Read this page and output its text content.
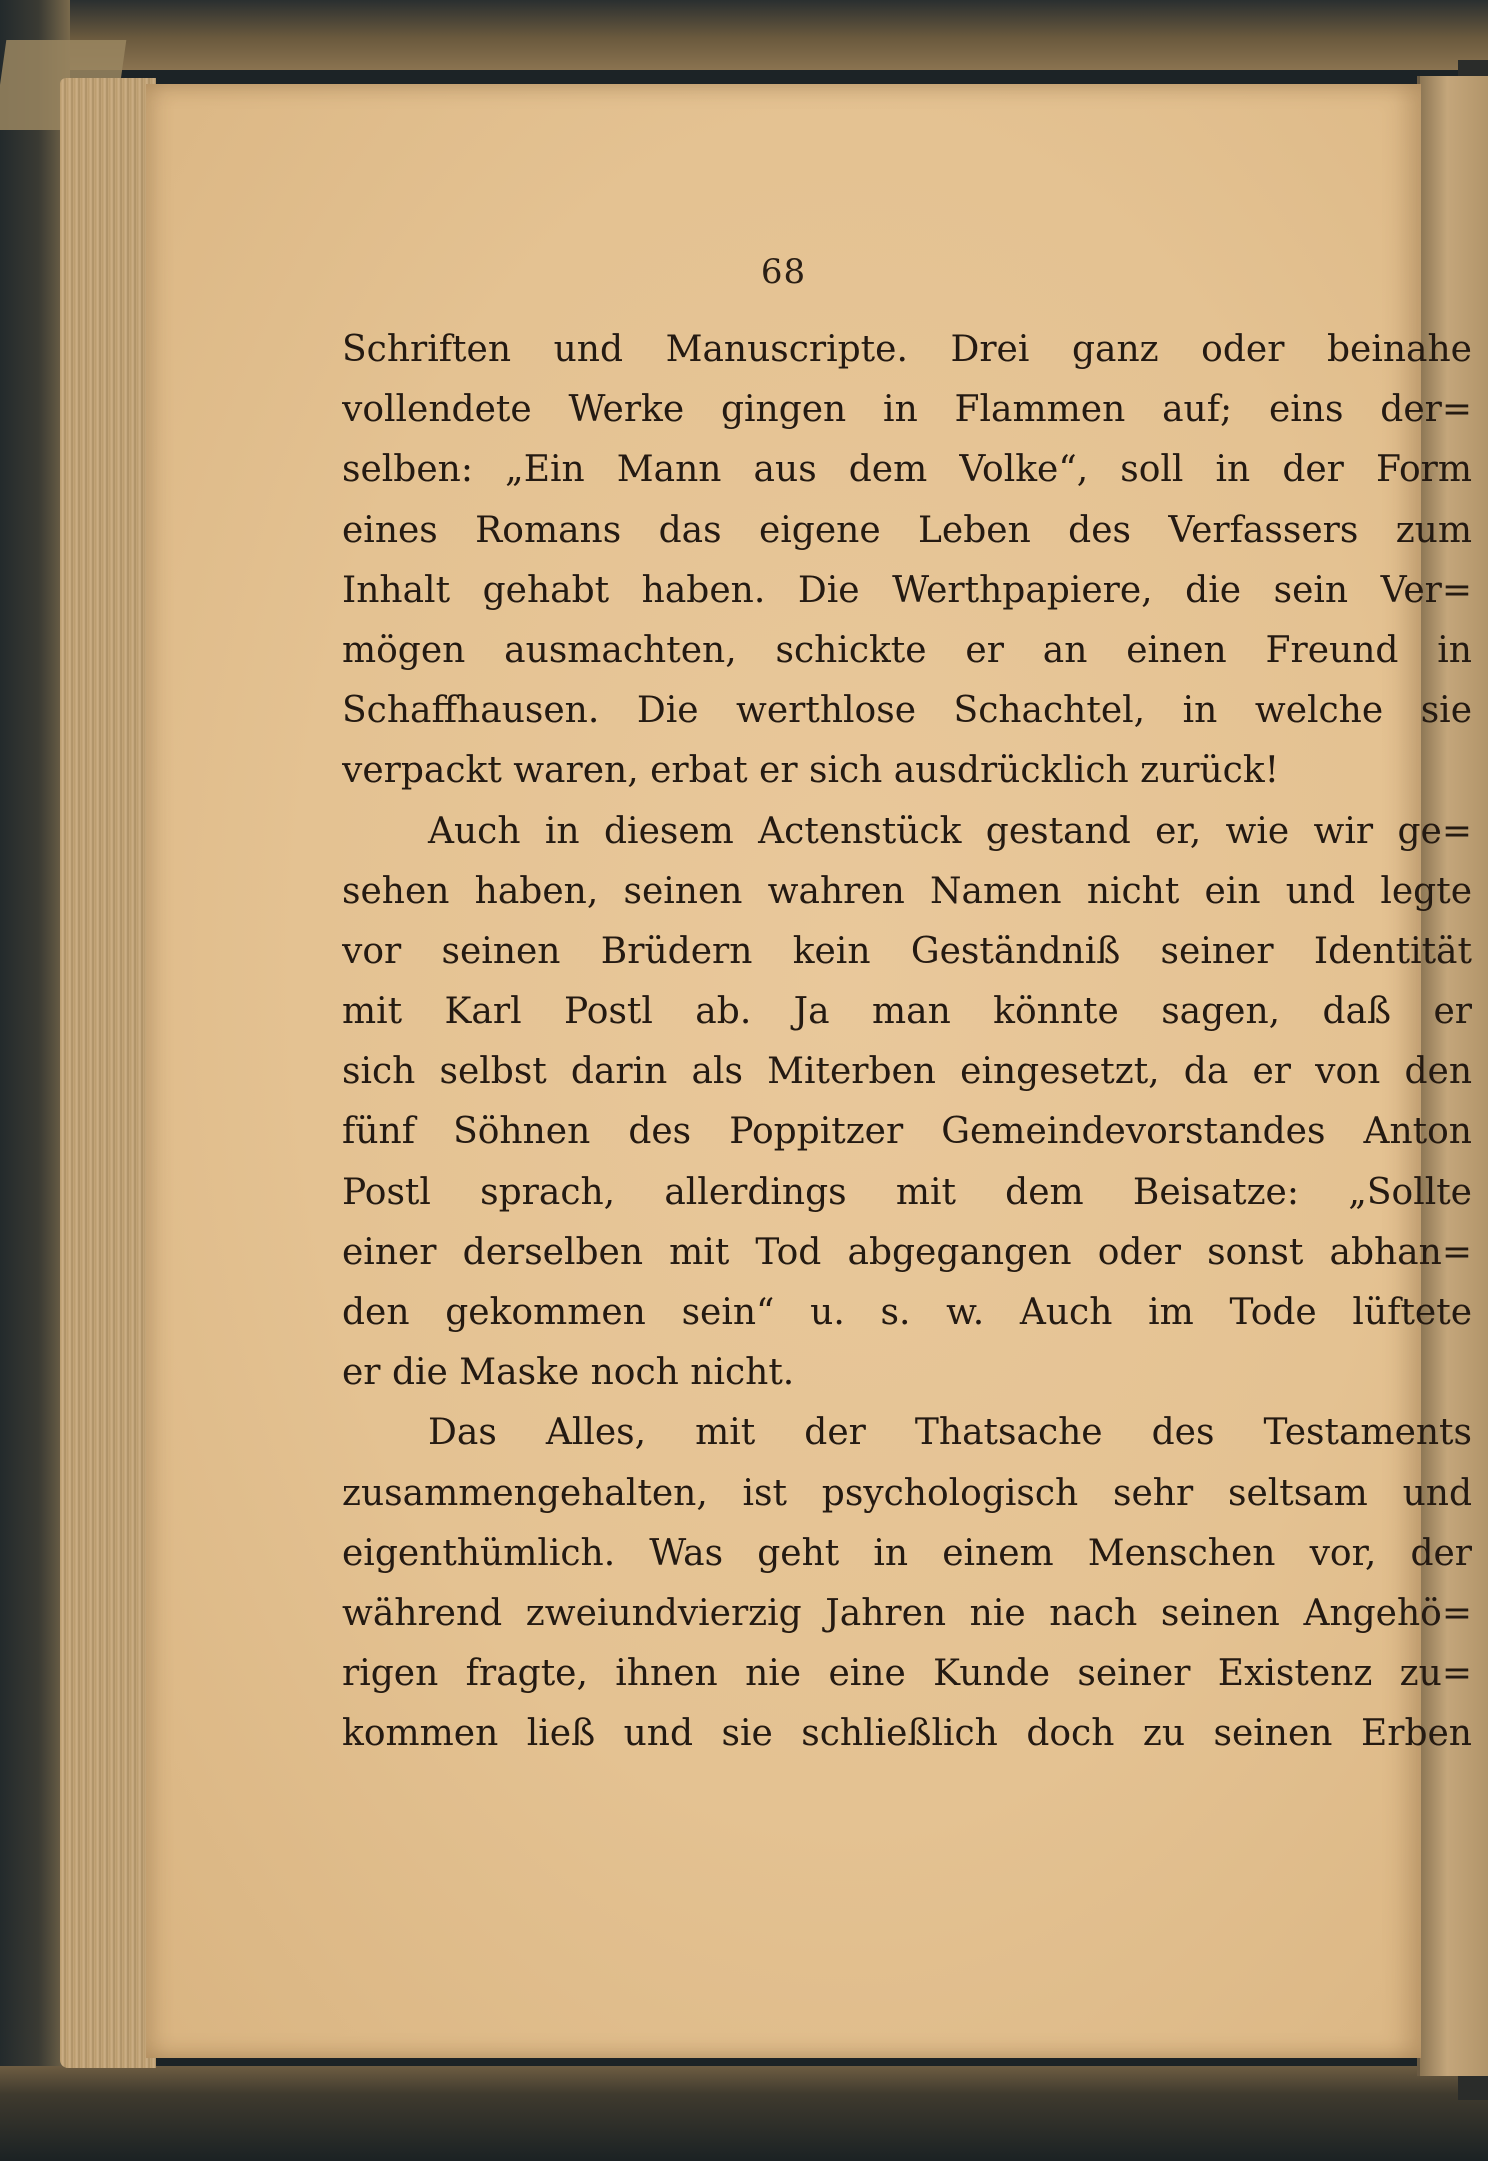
68
Schriften und Manuscripte. Drei ganz oder beinahe
vollendete Werke gingen in Flammen auf; eins der=
selben: „Ein Mann aus dem Volke“, soll in der Form
eines Romans das eigene Leben des Verfassers zum
Inhalt gehabt haben. Die Werthpapiere, die sein Ver=
mögen ausmachten, schickte er an einen Freund in
Schaffhausen. Die werthlose Schachtel, in welche sie
verpackt waren, erbat er sich ausdrücklich zurück!
Auch in diesem Actenstück gestand er, wie wir ge=
sehen haben, seinen wahren Namen nicht ein und legte
vor seinen Brüdern kein Geständniß seiner Identität
mit Karl Postl ab. Ja man könnte sagen, daß er
sich selbst darin als Miterben eingesetzt, da er von den
fünf Söhnen des Poppitzer Gemeindevorstandes Anton
Postl sprach, allerdings mit dem Beisatze: „Sollte
einer derselben mit Tod abgegangen oder sonst abhan=
den gekommen sein“ u. s. w. Auch im Tode lüftete
er die Maske noch nicht.
Das Alles, mit der Thatsache des Testaments
zusammengehalten, ist psychologisch sehr seltsam und
eigenthümlich. Was geht in einem Menschen vor, der
während zweiundvierzig Jahren nie nach seinen Angehö=
rigen fragte, ihnen nie eine Kunde seiner Existenz zu=
kommen ließ und sie schließlich doch zu seinen Erben
